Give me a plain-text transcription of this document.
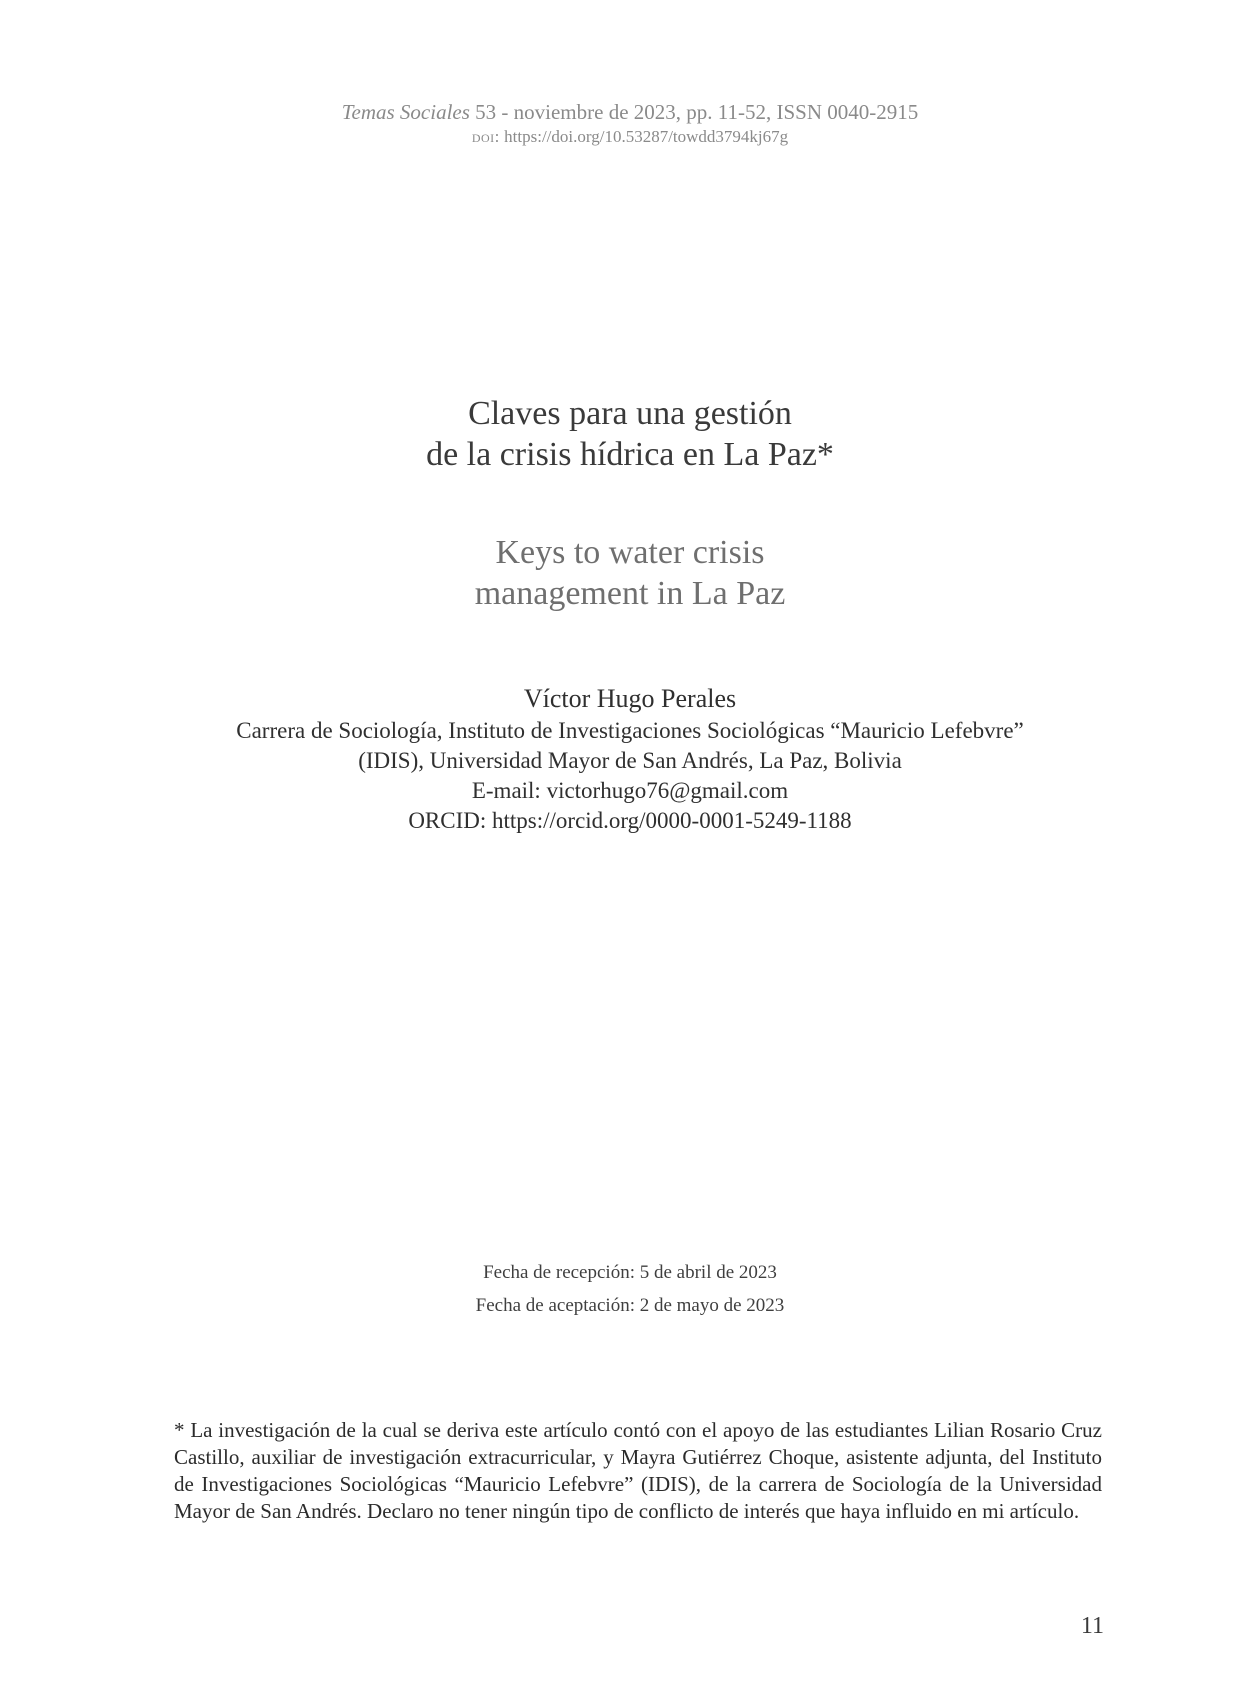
Temas Sociales 53 - noviembre de 2023, pp. 11-52, ISSN 0040-2915
doi: https://doi.org/10.53287/towdd3794kj67g
Claves para una gestión
de la crisis hídrica en La Paz*
Keys to water crisis
management in La Paz
Víctor Hugo Perales
Carrera de Sociología, Instituto de Investigaciones Sociológicas “Mauricio Lefebvre”
(IDIS), Universidad Mayor de San Andrés, La Paz, Bolivia
E-mail: victorhugo76@gmail.com
ORCID: https://orcid.org/0000-0001-5249-1188
Fecha de recepción: 5 de abril de 2023
Fecha de aceptación: 2 de mayo de 2023
* La investigación de la cual se deriva este artículo contó con el apoyo de las estudiantes Lilian Rosario Cruz Castillo, auxiliar de investigación extracurricular, y Mayra Gutiérrez Choque, asistente adjunta, del Instituto de Investigaciones Sociológicas “Mauricio Lefebvre” (IDIS), de la carrera de Sociología de la Universidad Mayor de San Andrés. Declaro no tener ningún tipo de conflicto de interés que haya influido en mi artículo.
11
